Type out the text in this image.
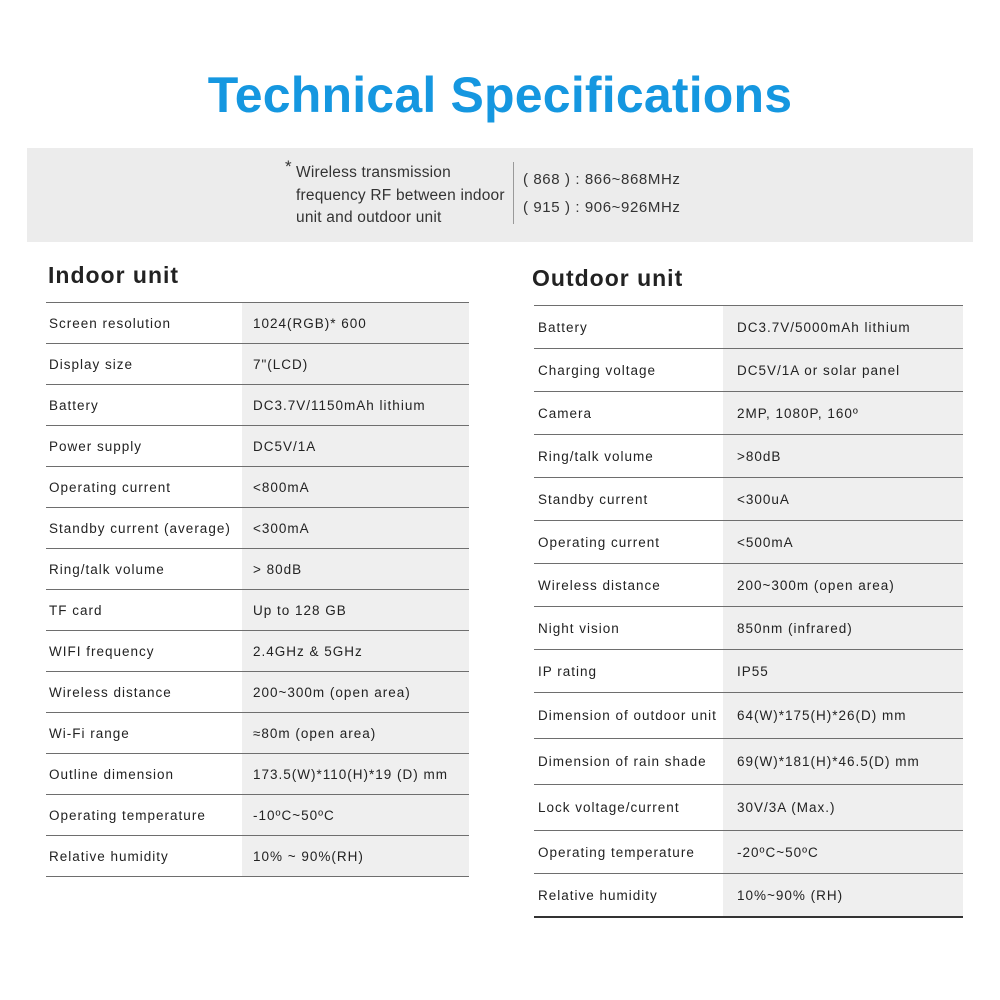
Technical Specifications
* Wireless transmission frequency RF between indoor unit and outdoor unit
( 868 ) : 866~868MHz
( 915 ) : 906~926MHz
Indoor unit	Outdoor unit
Screen resolution	1024(RGB)* 600
Display size	7"(LCD)
Battery	DC3.7V/1150mAh lithium
Power supply	DC5V/1A
Operating current	<800mA
Standby current (average)	<300mA
Ring/talk volume	> 80dB
TF card	Up to 128 GB
WIFI frequency	2.4GHz & 5GHz
Wireless distance	200~300m (open area)
Wi-Fi range	≈80m (open area)
Outline dimension	173.5(W)*110(H)*19 (D) mm
Operating temperature	-10ºC~50ºC
Relative humidity	10% ~ 90%(RH)
Battery	DC3.7V/5000mAh lithium
Charging voltage	DC5V/1A or solar panel
Camera	2MP, 1080P, 160º
Ring/talk volume	>80dB
Standby current	<300uA
Operating current	<500mA
Wireless distance	200~300m (open area)
Night vision	850nm (infrared)
IP rating	IP55
Dimension of outdoor unit	64(W)*175(H)*26(D) mm
Dimension of rain shade	69(W)*181(H)*46.5(D) mm
Lock voltage/current	30V/3A (Max.)
Operating temperature	-20ºC~50ºC
Relative humidity	10%~90% (RH)
